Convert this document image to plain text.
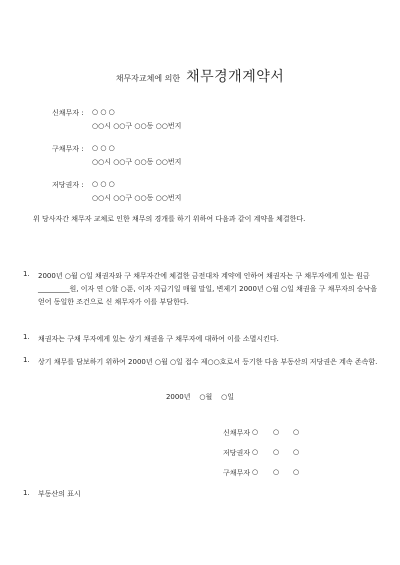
채무자교체에 의한 채무경개계약서
신채무자 : ○ ○ ○
○○시 ○○구 ○○동 ○○번지
구채무자 : ○ ○ ○
○○시 ○○구 ○○동 ○○번지
저당권자 : ○ ○ ○
○○시 ○○구 ○○동 ○○번지
위 당사자간 채무자 교체로 인한 채무의 경개를 하기 위하여 다음과 같이 계약을 체결한다.
1. 2000년 ○월 ○일 채권자와 구 채무자간에 체결한 금전대차 계약에 인하여 채권자는 구 채무자에게 있는 원금 _________원, 이자 연 ○할 ○푼, 이자 지급기일 매월 말일, 변제기 2000년 ○월 ○일 채권을 구 채무자의 승낙을 얻어 동일한 조건으로 신 채무자가 이를 부담한다.
1. 채권자는 구채 무자에게 있는 상기 채권을 구 채무자에 대하여 이를 소멸시킨다.
1. 상기 채무를 담보하기 위하여 2000년 ○월 ○일 접수 제○○호로서 등기한 다음 부동산의 저당권은 계속 존속함.
2000년    ○월    ○일
신채무자 ○ ○ ○
저당권자 ○ ○ ○
구채무자 ○ ○ ○
1. 부동산의 표시
